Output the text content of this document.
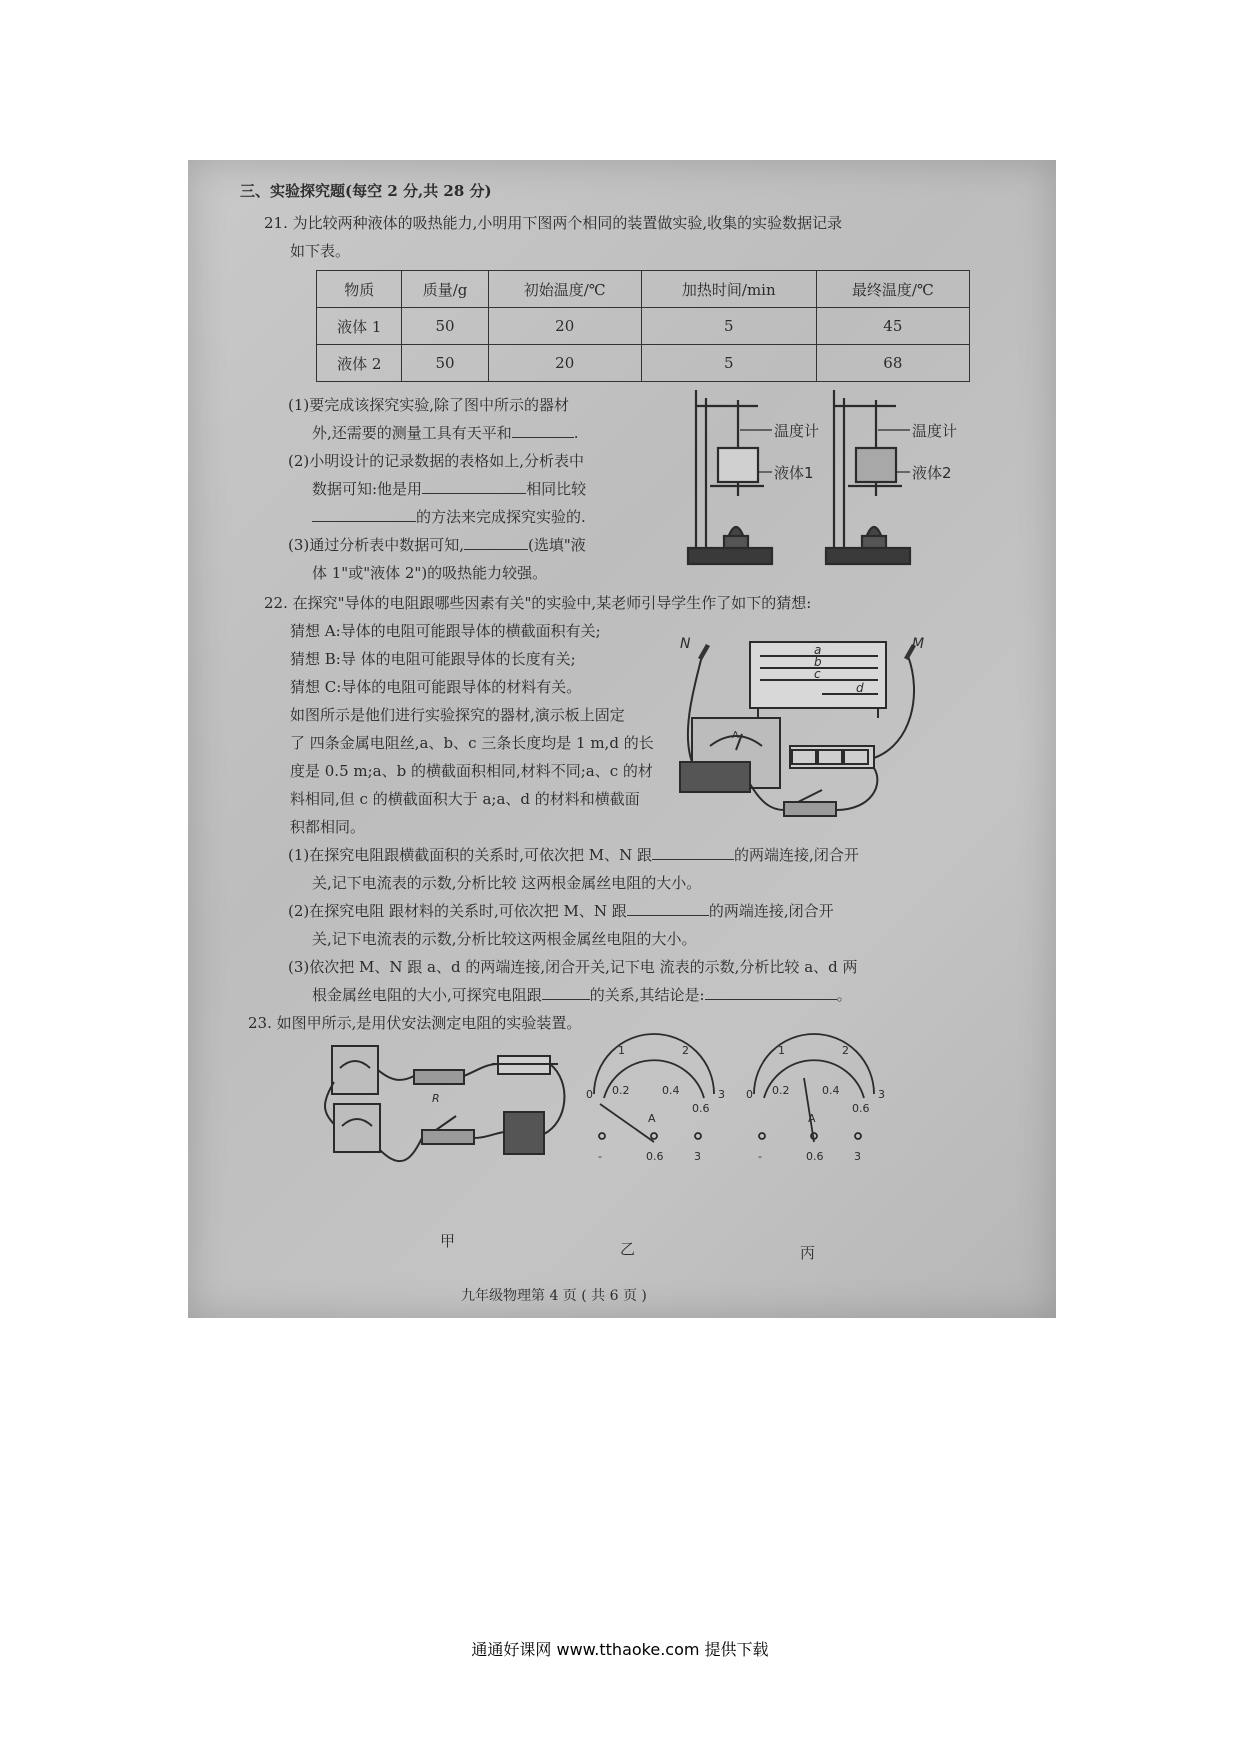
三、实验探究题(每空 2 分,共 28 分)
21. 为比较两种液体的吸热能力,小明用下图两个相同的装置做实验,收集的实验数据记录
如下表。
物质	质量/g	初始温度/℃	加热时间/min	最终温度/℃
液体 1	50	20	5	45
液体 2	50	20	5	68
(1)要完成该探究实验,除了图中所示的器材
外,还需要的测量工具有天平和	.
(2)小明设计的记录数据的表格如上,分析表中
数据可知:他是用	相同比较
的方法来完成探究实验的.
(3)通过分析表中数据可知,	(选填"液
体 1"或"液体 2")的吸热能力较强。
温度计
液体1
温度计
液体2
22. 在探究"导体的电阻跟哪些因素有关"的实验中,某老师引导学生作了如下的猜想:
猜想 A:导体的电阻可能跟导体的横截面积有关;
猜想 B:导 体的电阻可能跟导体的长度有关;
猜想 C:导体的电阻可能跟导体的材料有关。
如图所示是他们进行实验探究的器材,演示板上固定
了 四条金属电阻丝,a、b、c 三条长度均是 1 m,d 的长
度是 0.5 m;a、b 的横截面积相同,材料不同;a、c 的材
料相同,但 c 的横截面积大于 a;a、d 的材料和横截面
积都相同。
N	M
a
b
c
d
A
(1)在探究电阻跟横截面积的关系时,可依次把 M、N 跟	的两端连接,闭合开
关,记下电流表的示数,分析比较 这两根金属丝电阻的大小。
(2)在探究电阻 跟材料的关系时,可依次把 M、N 跟	的两端连接,闭合开
关,记下电流表的示数,分析比较这两根金属丝电阻的大小。
(3)依次把 M、N 跟 a、d 的两端连接,闭合开关,记下电 流表的示数,分析比较 a、d 两
根金属丝电阻的大小,可探究电阻跟	的关系,其结论是:	。
23. 如图甲所示,是用伏安法测定电阻的实验装置。
R
1	2
0	3
0.2	0.4
0.6
A
-	0.6	3
1	2
0	3
0.2	0.4
0.6
A
-	0.6	3
甲	乙	丙
九年级物理第 4 页 ( 共 6 页 )
通通好课网 www.tthaoke.com 提供下载
